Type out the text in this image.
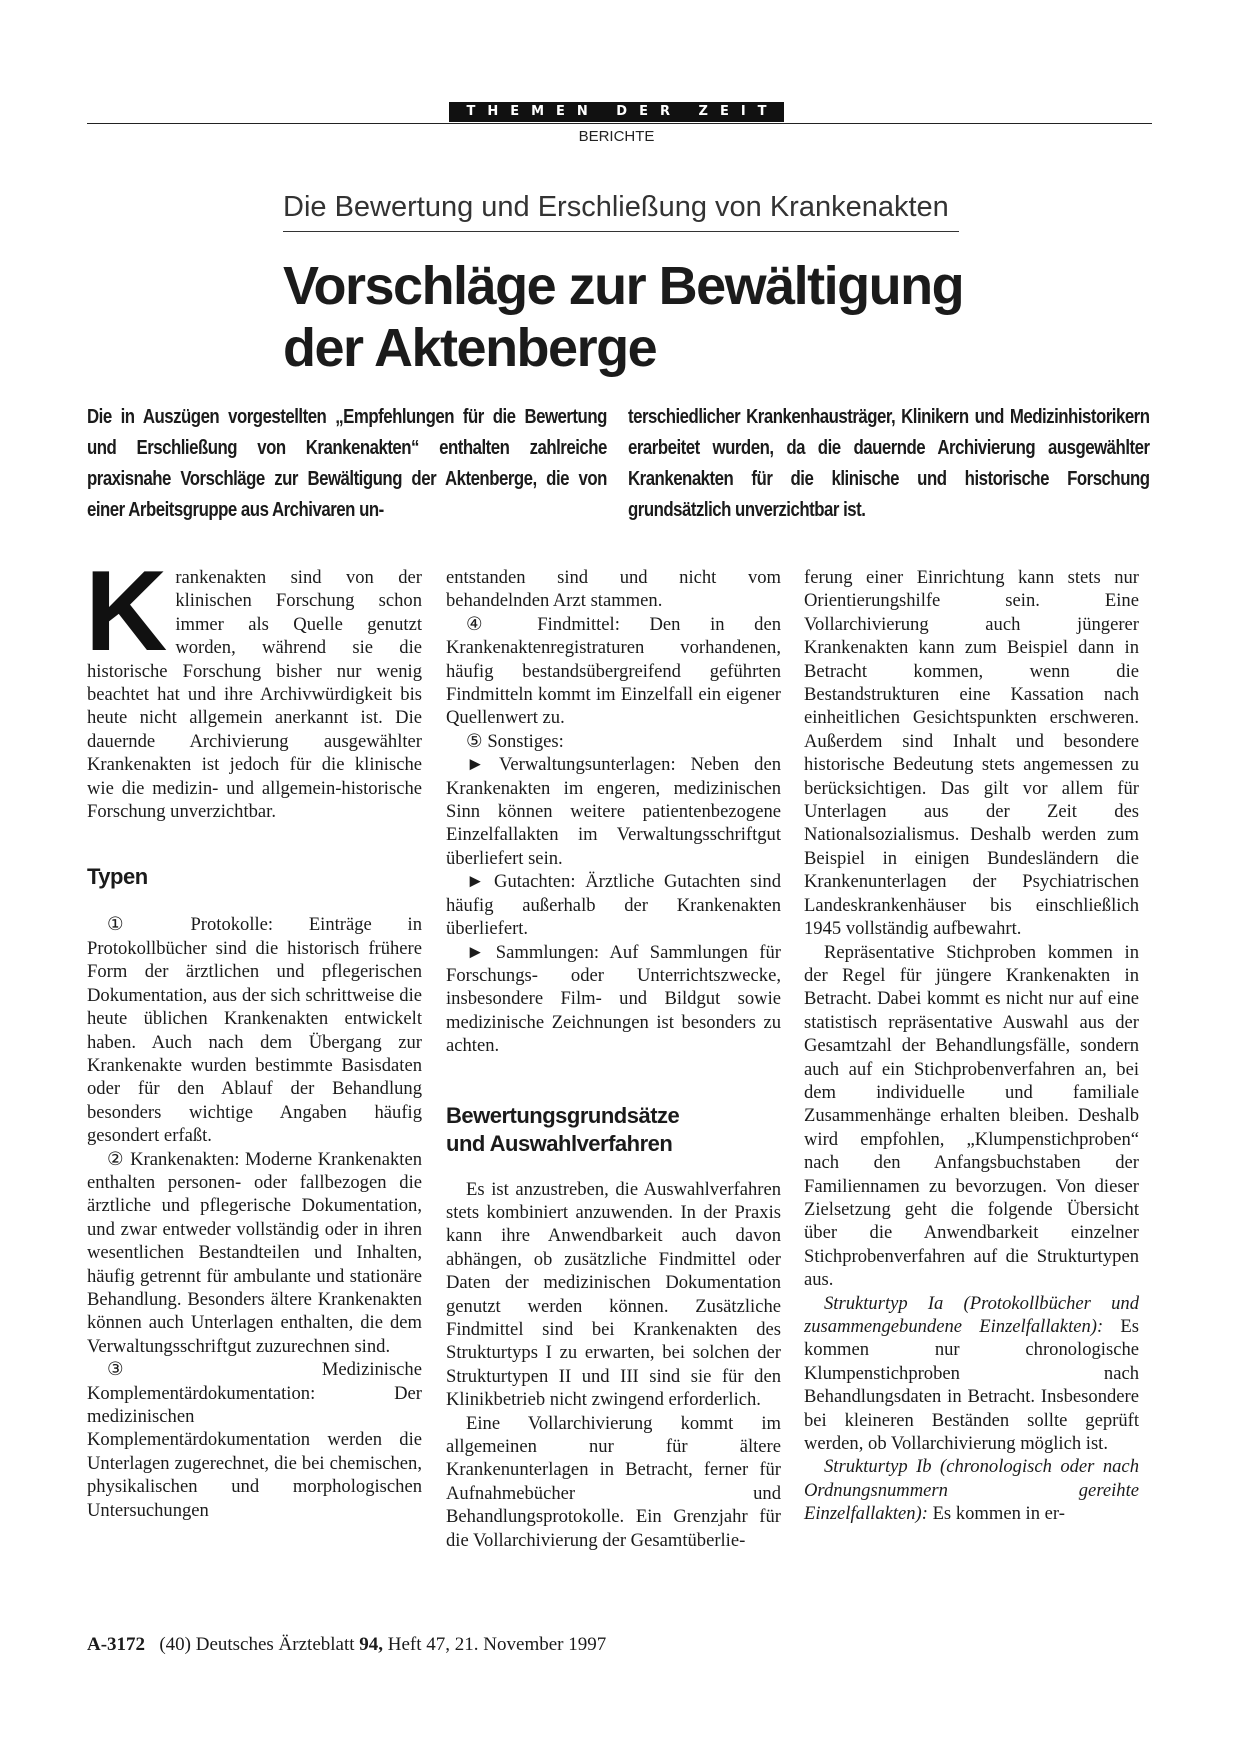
THEMEN DER ZEIT
BERICHTE
Die Bewertung und Erschließung von Krankenakten
Vorschläge zur Bewältigung
der Aktenberge
Die in Auszügen vorgestellten „Empfehlungen für die Bewertung und Erschließung von Krankenakten“ enthalten zahlreiche praxisnahe Vorschläge zur Bewältigung der Aktenberge, die von einer Arbeitsgruppe aus Archivaren un-
terschiedlicher Krankenhausträger, Klinikern und Medizinhistorikern erarbeitet wurden, da die dauernde Archivierung ausgewählter Krankenakten für die klinische und historische Forschung grundsätzlich unverzichtbar ist.

Krankenakten sind von der klinischen Forschung schon immer als Quelle genutzt worden, während sie die historische Forschung bisher nur wenig beachtet hat und ihre Archivwürdigkeit bis heute nicht allgemein anerkannt ist. Die dauernde Archivierung ausgewählter Krankenakten ist jedoch für die klinische wie die medizin- und allgemein-historische Forschung unverzichtbar.

Typen

① Protokolle: Einträge in Protokollbücher sind die historisch frühere Form der ärztlichen und pflegerischen Dokumentation, aus der sich schrittweise die heute üblichen Krankenakten entwickelt haben. Auch nach dem Übergang zur Krankenakte wurden bestimmte Basisdaten oder für den Ablauf der Behandlung besonders wichtige Angaben häufig gesondert erfaßt.

② Krankenakten: Moderne Krankenakten enthalten personen- oder fallbezogen die ärztliche und pflegerische Dokumentation, und zwar entweder vollständig oder in ihren wesentlichen Bestandteilen und Inhalten, häufig getrennt für ambulante und stationäre Behandlung. Besonders ältere Krankenakten können auch Unterlagen enthalten, die dem Verwaltungsschriftgut zuzurechnen sind.

③ Medizinische Komplementärdokumentation: Der medizinischen Komplementärdokumentation werden die Unterlagen zugerechnet, die bei chemischen, physikalischen und morphologischen Untersuchungen

entstanden sind und nicht vom behandelnden Arzt stammen.

④ Findmittel: Den in den Krankenaktenregistraturen vorhandenen, häufig bestandsübergreifend geführten Findmitteln kommt im Einzelfall ein eigener Quellenwert zu.

⑤ Sonstiges:

► Verwaltungsunterlagen: Neben den Krankenakten im engeren, medizinischen Sinn können weitere patientenbezogene Einzelfallakten im Verwaltungsschriftgut überliefert sein.

► Gutachten: Ärztliche Gutachten sind häufig außerhalb der Krankenakten überliefert.

► Sammlungen: Auf Sammlungen für Forschungs- oder Unterrichtszwecke, insbesondere Film- und Bildgut sowie medizinische Zeichnungen ist besonders zu achten.

Bewertungsgrundsätze
und Auswahlverfahren

Es ist anzustreben, die Auswahlverfahren stets kombiniert anzuwenden. In der Praxis kann ihre Anwendbarkeit auch davon abhängen, ob zusätzliche Findmittel oder Daten der medizinischen Dokumentation genutzt werden können. Zusätzliche Findmittel sind bei Krankenakten des Strukturtyps I zu erwarten, bei solchen der Strukturtypen II und III sind sie für den Klinikbetrieb nicht zwingend erforderlich.

Eine Vollarchivierung kommt im allgemeinen nur für ältere Krankenunterlagen in Betracht, ferner für Aufnahmebücher und Behandlungsprotokolle. Ein Grenzjahr für die Vollarchivierung der Gesamtüberlie-

ferung einer Einrichtung kann stets nur Orientierungshilfe sein. Eine Vollarchivierung auch jüngerer Krankenakten kann zum Beispiel dann in Betracht kommen, wenn die Bestandstrukturen eine Kassation nach einheitlichen Gesichtspunkten erschweren. Außerdem sind Inhalt und besondere historische Bedeutung stets angemessen zu berücksichtigen. Das gilt vor allem für Unterlagen aus der Zeit des Nationalsozialismus. Deshalb werden zum Beispiel in einigen Bundesländern die Krankenunterlagen der Psychiatrischen Landeskrankenhäuser bis einschließlich 1945 vollständig aufbewahrt.

Repräsentative Stichproben kommen in der Regel für jüngere Krankenakten in Betracht. Dabei kommt es nicht nur auf eine statistisch repräsentative Auswahl aus der Gesamtzahl der Behandlungsfälle, sondern auch auf ein Stichprobenverfahren an, bei dem individuelle und familiale Zusammenhänge erhalten bleiben. Deshalb wird empfohlen, „Klumpenstichproben“ nach den Anfangsbuchstaben der Familiennamen zu bevorzugen. Von dieser Zielsetzung geht die folgende Übersicht über die Anwendbarkeit einzelner Stichprobenverfahren auf die Strukturtypen aus.

Strukturtyp Ia (Protokollbücher und zusammengebundene Einzelfallakten): Es kommen nur chronologische Klumpenstichproben nach Behandlungsdaten in Betracht. Insbesondere bei kleineren Beständen sollte geprüft werden, ob Vollarchivierung möglich ist.

Strukturtyp Ib (chronologisch oder nach Ordnungsnummern gereihte Einzelfallakten): Es kommen in er-

A-3172 (40) Deutsches Ärzteblatt 94, Heft 47, 21. November 1997
